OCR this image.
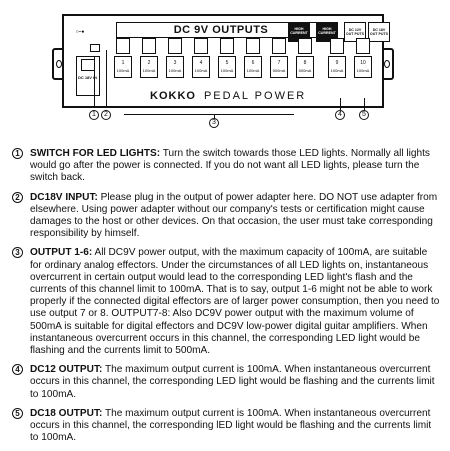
○–●
DC 18V IN
DC 9V OUTPUTS	HIGH CURRENT
HIGH CURRENT
DC 12V OUT PUTS
DC 18V OUT PUTS
1
100mA
2
100mA
3
100mA
4
100mA
5
100mA
6
100mA
7
500mA
8
500mA
9
100mA
10
100mA
KOKKO PEDAL POWER
1	2
3
4	5
1	SWITCH FOR LED LIGHTS: Turn the switch towards those LED lights. Normally all lights would go after the power is connected. If you do not want all LED lights, please turn the switch back.
2	DC18V INPUT: Please plug in the output of power adapter here. DO NOT use adapter from elsewhere. Using power adapter without our company's tests or certification might cause damages to the host or other devices. On that occasion, the user must take corresponding responsibility by himself.
3	OUTPUT 1-6: All DC9V power output, with the maximum capacity of 100mA, are suitable for ordinary analog effectors. Under the circumstances of all LED lights on, instantaneous overcurrent in certain output would lead to the corresponding LED light's flash and the currents of this channel limit to 100mA. That is to say, output 1-6 might not be able to work properly if the connected digital effectors are of larger power consumption, then you need to use output 7 or 8. OUTPUT7-8: Also DC9V power output with the maximum volume of 500mA is suitable for digital effectors and DC9V low-power digital guitar amplifiers. When instantaneous overcurrent occurs in this channel, the corresponding LED light would be flashing and the currents limit to 500mA.
4	DC12 OUTPUT: The maximum output current is 100mA. When instantaneous overcurrent occurs in this channel, the corresponding LED light would be flashing and the currents limit to 100mA.
5	DC18 OUTPUT: The maximum output current is 100mA. When instantaneous overcurrent occurs in this channel, the corresponding lED light would be flashing and the currents limit to 100mA.
